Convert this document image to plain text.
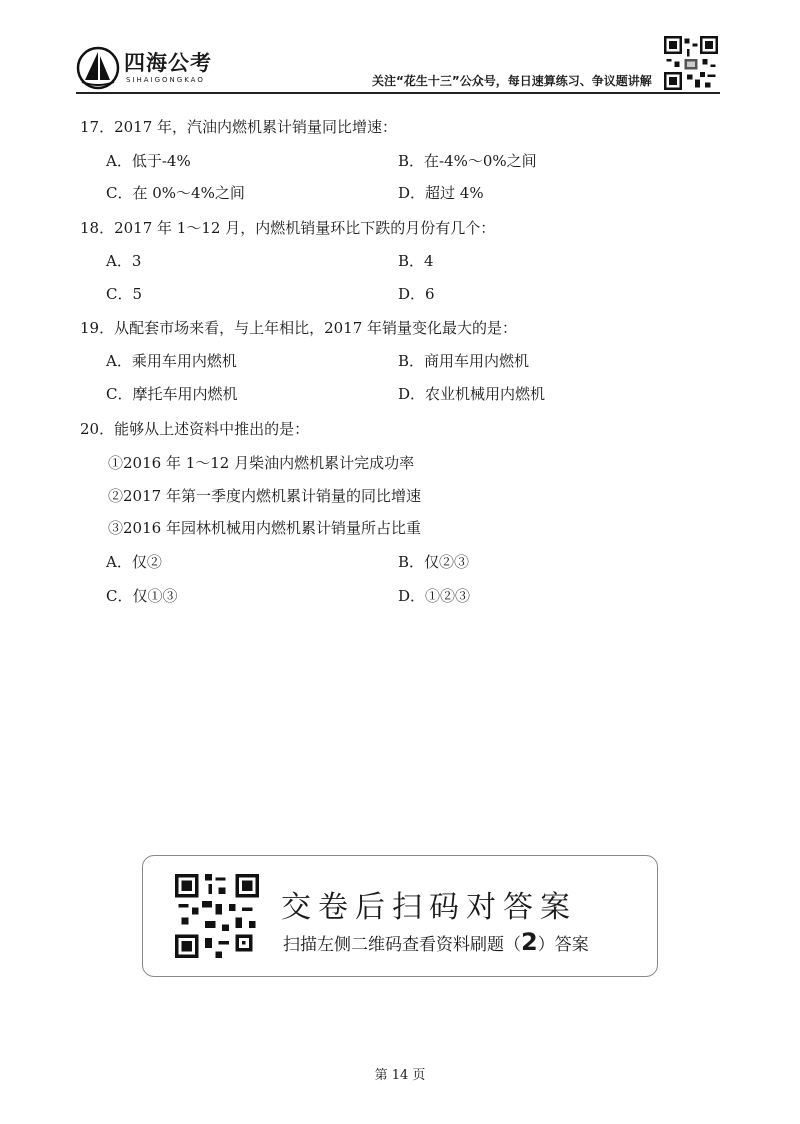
四海公考
SIHAIGONGKAO	关注“花生十三”公众号，每日速算练习、争议题讲解
17．2017 年，汽油内燃机累计销量同比增速：
A．低于-4%	B．在-4%～0%之间
C．在 0%～4%之间	D．超过 4%
18．2017 年 1～12 月，内燃机销量环比下跌的月份有几个：
A．3	B．4
C．5	D．6
19．从配套市场来看，与上年相比，2017 年销量变化最大的是：
A．乘用车用内燃机	B．商用车用内燃机
C．摩托车用内燃机	D．农业机械用内燃机
20．能够从上述资料中推出的是：
①2016 年 1～12 月柴油内燃机累计完成功率
②2017 年第一季度内燃机累计销量的同比增速
③2016 年园林机械用内燃机累计销量所占比重
A．仅②	B．仅②③
C．仅①③	D．①②③
交卷后扫码对答案
扫描左侧二维码查看资料刷题（2）答案
第 14 页
